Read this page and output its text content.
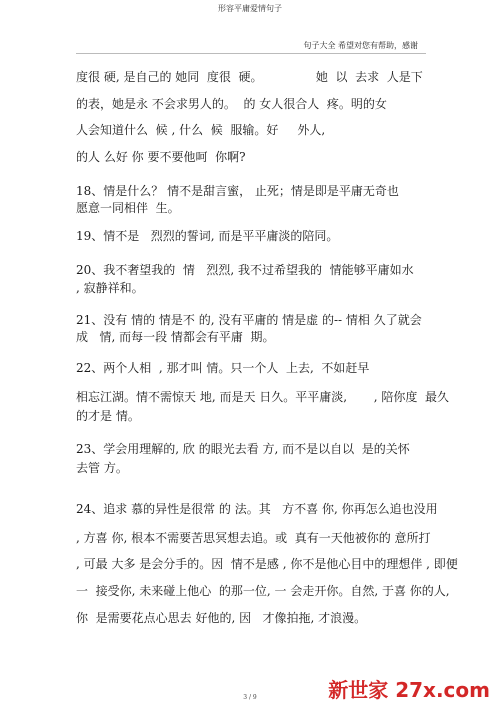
形容平庸爱情句子
句子大全 希望对您有帮助，感谢
度很 硬, 是自己的 她同  度很  硬。              她  以  去求  人是下
的表，她是永 不会求男人的。  的 女人很合人  疼。明的女
人会知道什么  候 , 什么  候  服输。好     外人,
的人 么好 你 要不要他呵  你啊?
18、情是什么？ 情不是甜言蜜， 止死；情是即是平庸无奇也
愿意一同相伴  生。
19、情不是   烈烈的誓词, 而是平平庸淡的陪同。
20、我不奢望我的  情   烈烈, 我不过希望我的  情能够平庸如水
, 寂静祥和。
21、没有 情的 情是不 的, 没有平庸的 情是虚 的-- 情相 久了就会
成   情, 而每一段 情都会有平庸  期。
22、两个人相  , 那才叫 情。只一个人  上去,  不如赶早
相忘江湖。情不需惊天 地, 而是天 日久。平平庸淡,       , 陪你度  最久
的才是 情。
23、学会用理解的, 欣 的眼光去看 方, 而不是以自以  是的关怀
去管 方。
24、追求 慕的异性是很常 的 法。其   方不喜 你, 你再怎么追也没用
, 方喜 你, 根本不需要苦思冥想去追。或  真有一天他被你的 意所打
, 可最 大多 是会分手的。因  情不是感 , 你不是他心目中的理想伴 , 即便
一  接受你, 未来碰上他心  的那一位, 一 会走开你。自然, 于喜 你的人,
你  是需要花点心思去 好他的, 因   才像拍拖, 才浪漫。
3 / 9	新世家 27x.com
